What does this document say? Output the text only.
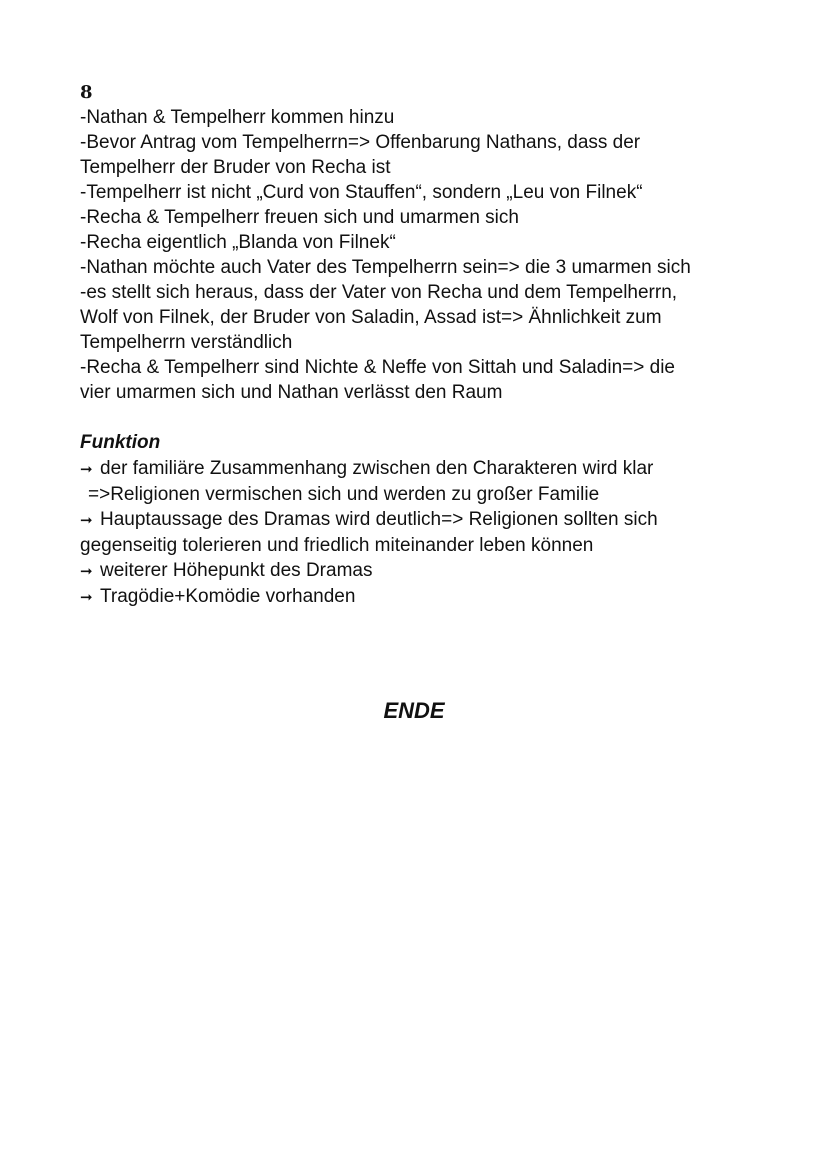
8

-Nathan & Tempelherr kommen hinzu

-Bevor Antrag vom Tempelherrn=> Offenbarung Nathans, dass der

Tempelherr der Bruder von Recha ist

-Tempelherr ist nicht „Curd von Stauffen“, sondern „Leu von Filnek“

-Recha & Tempelherr freuen sich und umarmen sich

-Recha eigentlich „Blanda von Filnek“

-Nathan möchte auch Vater des Tempelherrn sein=> die 3 umarmen sich

-es stellt sich heraus, dass der Vater von Recha und dem Tempelherrn,

Wolf von Filnek, der Bruder von Saladin, Assad ist=> Ähnlichkeit zum

Tempelherrn verständlich

-Recha & Tempelherr sind Nichte & Neffe von Sittah und Saladin=> die

vier umarmen sich und Nathan verlässt den Raum

Funktion

➞ der familiäre Zusammenhang zwischen den Charakteren wird klar

=>Religionen vermischen sich und werden zu großer Familie

➞ Hauptaussage des Dramas wird deutlich=> Religionen sollten sich

gegenseitig tolerieren und friedlich miteinander leben können

➞ weiterer Höhepunkt des Dramas

➞ Tragödie+Komödie vorhanden

ENDE
